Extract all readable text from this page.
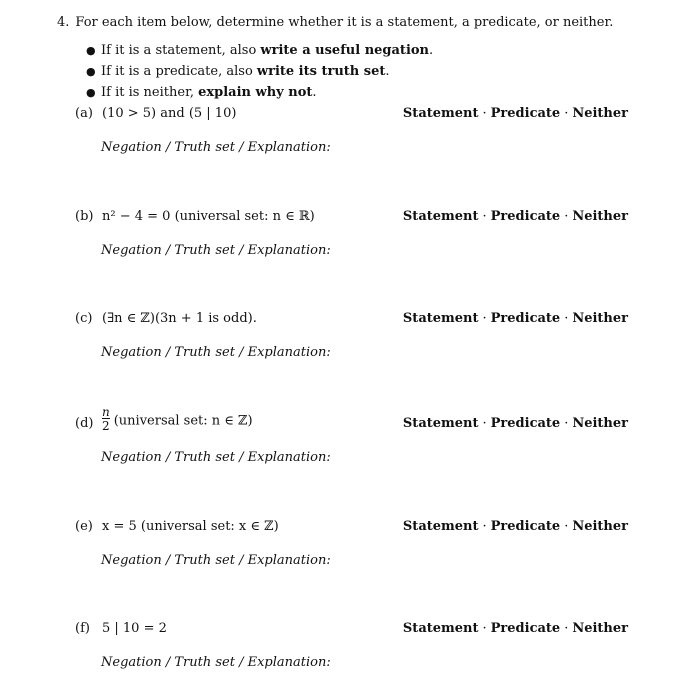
4. For each item below, determine whether it is a statement, a predicate, or neither.
● If it is a statement, also write a useful negation.
● If it is a predicate, also write its truth set.
● If it is neither, explain why not.
(a) (10 > 5) and (5 | 10)	Statement · Predicate · Neither
Negation / Truth set / Explanation:
(b) n² − 4 = 0 (universal set: n ∈ ℝ)	Statement · Predicate · Neither
Negation / Truth set / Explanation:
(c) (∃n ∈ ℤ)(3n + 1 is odd).	Statement · Predicate · Neither
Negation / Truth set / Explanation:
$(d) \frac{n}{2}$ (universal set: n ∈ ℤ)	Statement · Predicate · Neither
Negation / Truth set / Explanation:
(e) x = 5 (universal set: x ∈ ℤ)	Statement · Predicate · Neither
Negation / Truth set / Explanation:
(f) 5 | 10 = 2	Statement · Predicate · Neither
Negation / Truth set / Explanation:
